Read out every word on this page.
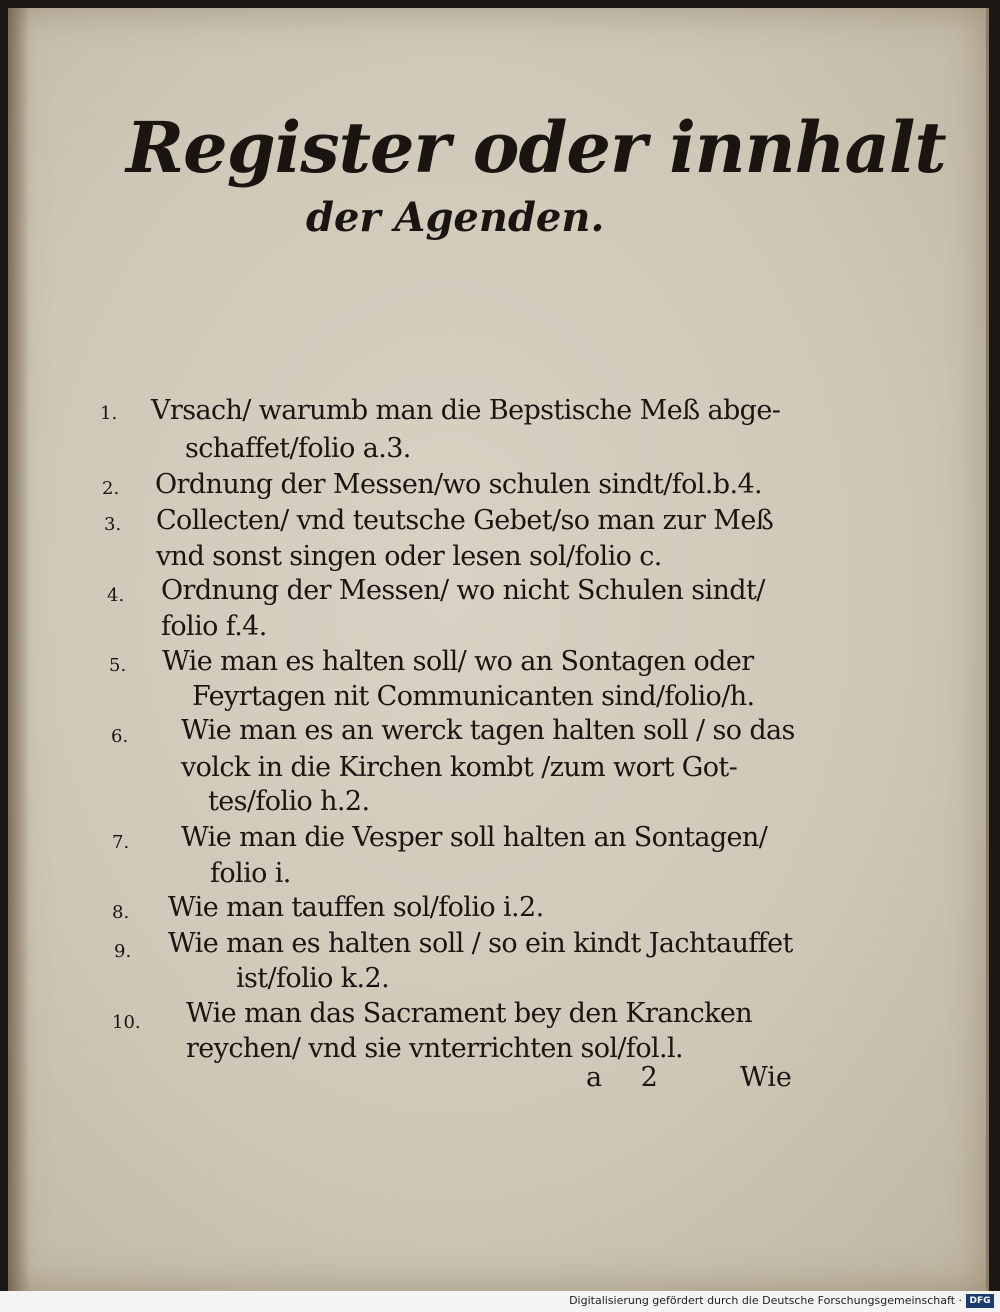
Register oder innhalt
der Agenden.
1. Vrsach/ warumb man die Bepstische Meß abge-
schaffet/folio a.3.
2. Ordnung der Messen/wo schulen sindt/fol.b.4.
3. Collecten/ vnd teutsche Gebet/so man zur Meß
vnd sonst singen oder lesen sol/folio c.
4. Ordnung der Messen/ wo nicht Schulen sindt/
folio f.4.
5. Wie man es halten soll/ wo an Sontagen oder
Feyrtagen nit Communicanten sind/folio/h.
6. Wie man es an werck tagen halten soll / so das
volck in die Kirchen kombt /zum wort Got-
tes/folio h.2.
7. Wie man die Vesper soll halten an Sontagen/
folio i.
8. Wie man tauffen sol/folio i.2.
9. Wie man es halten soll / so ein kindt Jachtauffet
ist/folio k.2.
10. Wie man das Sacrament bey den Krancken
reychen/ vnd sie vnterrichten sol/fol.l.
a 2	Wie
Digitalisierung gefördert durch die Deutsche Forschungsgemeinschaft · DFG
